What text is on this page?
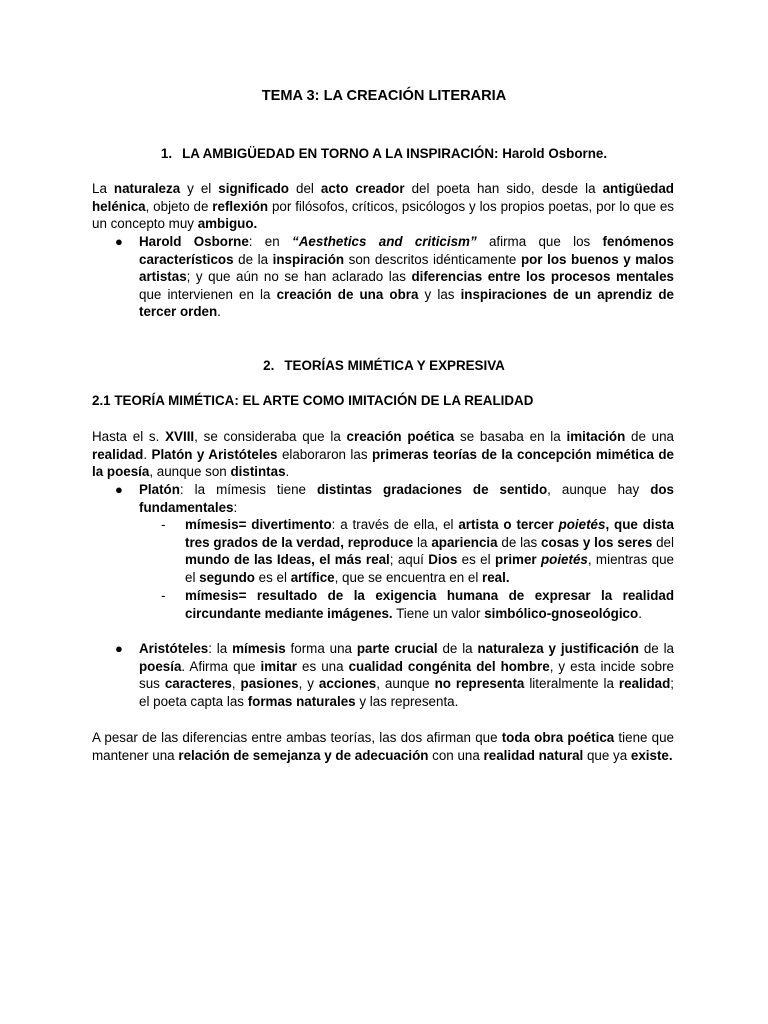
TEMA 3: LA CREACIÓN LITERARIA
1. LA AMBIGÜEDAD EN TORNO A LA INSPIRACIÓN: Harold Osborne.
La naturaleza y el significado del acto creador del poeta han sido, desde la antigüedad helénica, objeto de reflexión por filósofos, críticos, psicólogos y los propios poetas, por lo que es un concepto muy ambiguo.
● Harold Osborne: en “Aesthetics and criticism” afirma que los fenómenos característicos de la inspiración son descritos idénticamente por los buenos y malos artistas; y que aún no se han aclarado las diferencias entre los procesos mentales que intervienen en la creación de una obra y las inspiraciones de un aprendiz de tercer orden.
2. TEORÍAS MIMÉTICA Y EXPRESIVA
2.1 TEORÍA MIMÉTICA: EL ARTE COMO IMITACIÓN DE LA REALIDAD
Hasta el s. XVIII, se consideraba que la creación poética se basaba en la imitación de una realidad. Platón y Aristóteles elaboraron las primeras teorías de la concepción mimética de la poesía, aunque son distintas.
● Platón: la mímesis tiene distintas gradaciones de sentido, aunque hay dos fundamentales:
- mímesis= divertimento: a través de ella, el artista o tercer poietés, que dista tres grados de la verdad, reproduce la apariencia de las cosas y los seres del mundo de las Ideas, el más real; aquí Dios es el primer poietés, mientras que el segundo es el artífice, que se encuentra en el real.
- mímesis= resultado de la exigencia humana de expresar la realidad circundante mediante imágenes. Tiene un valor simbólico-gnoseológico.
● Aristóteles: la mímesis forma una parte crucial de la naturaleza y justificación de la poesía. Afirma que imitar es una cualidad congénita del hombre, y esta incide sobre sus caracteres, pasiones, y acciones, aunque no representa literalmente la realidad; el poeta capta las formas naturales y las representa.
A pesar de las diferencias entre ambas teorías, las dos afirman que toda obra poética tiene que mantener una relación de semejanza y de adecuación con una realidad natural que ya existe.
